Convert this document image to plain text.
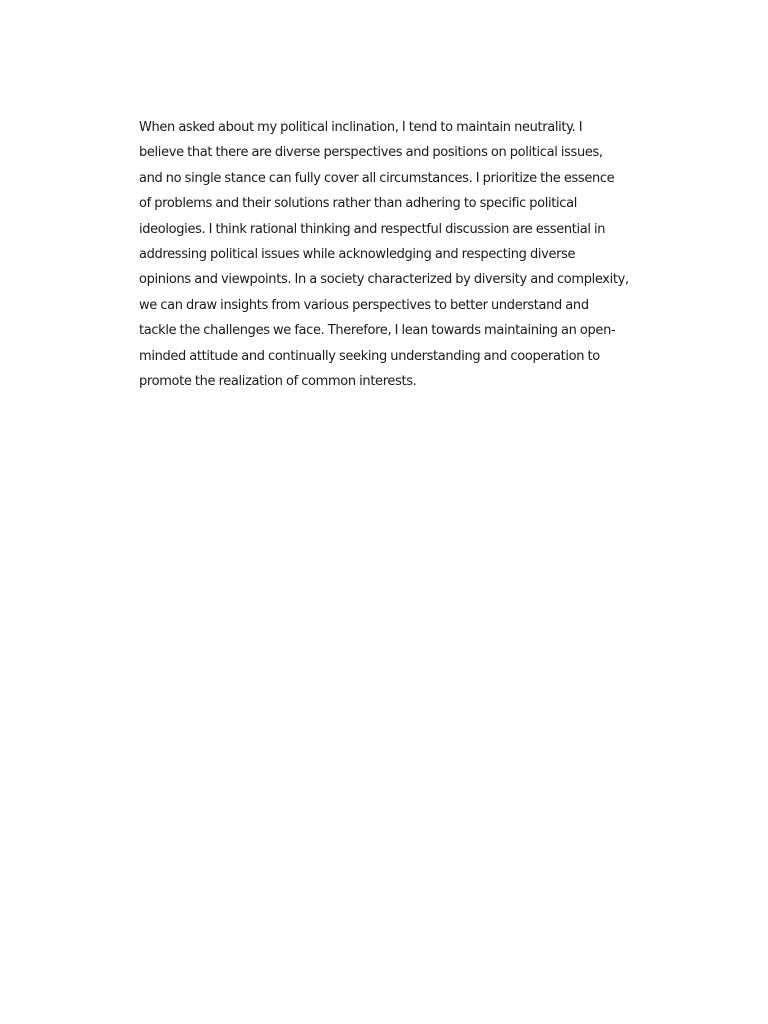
When asked about my political inclination, I tend to maintain neutrality. I
believe that there are diverse perspectives and positions on political issues,
and no single stance can fully cover all circumstances. I prioritize the essence
of problems and their solutions rather than adhering to specific political
ideologies. I think rational thinking and respectful discussion are essential in
addressing political issues while acknowledging and respecting diverse
opinions and viewpoints. In a society characterized by diversity and complexity,
we can draw insights from various perspectives to better understand and
tackle the challenges we face. Therefore, I lean towards maintaining an open-
minded attitude and continually seeking understanding and cooperation to
promote the realization of common interests.
